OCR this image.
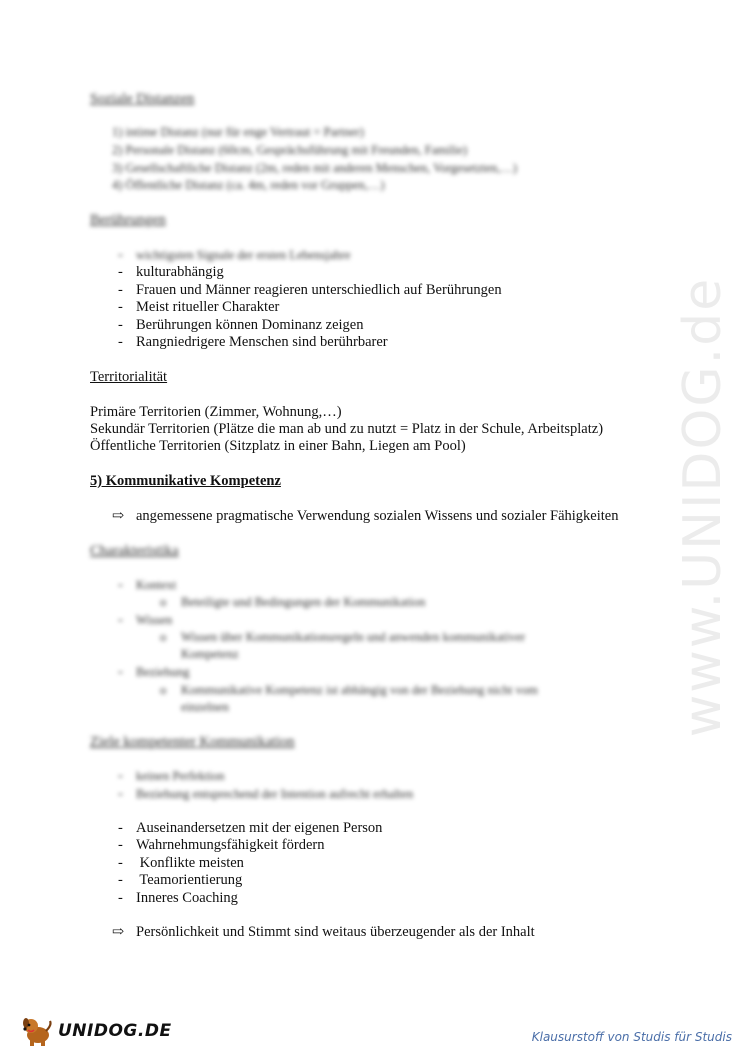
Soziale Distanzen
1) intime Distanz (nur für enge Vertraut = Partner)
2) Personale Distanz (60cm, Gesprächsführung mit Freunden, Familie)
3) Gesellschaftliche Distanz (2m, reden mit anderen Menschen, Vorgesetzten,…)
4) Öffentliche Distanz (ca. 4m, reden vor Gruppen,…)
Berührungen
- wichtigsten Signale der ersten Lebensjahre
- kulturabhängig
- Frauen und Männer reagieren unterschiedlich auf Berührungen
- Meist ritueller Charakter
- Berührungen können Dominanz zeigen
- Rangniedrigere Menschen sind berührbarer
Territorialität
Primäre Territorien (Zimmer, Wohnung,…)
Sekundär Territorien (Plätze die man ab und zu nutzt = Platz in der Schule, Arbeitsplatz)
Öffentliche Territorien (Sitzplatz in einer Bahn, Liegen am Pool)
5) Kommunikative Kompetenz
⇨ angemessene pragmatische Verwendung sozialen Wissens und sozialer Fähigkeiten
Charakteristika
- Kontext
o Beteiligte und Bedingungen der Kommunikation
- Wissen
o Wissen über Kommunikationsregeln und anwenden kommunikativer
Kompetenz
- Beziehung
o Kommunikative Kompetenz ist abhängig von der Beziehung nicht vom
einzelnen
Ziele kompetenter Kommunikation
- keinen Perfektion
- Beziehung entsprechend der Intention aufrecht erhalten
- Auseinandersetzen mit der eigenen Person
- Wahrnehmungsfähigkeit fördern
- Konflikte meisten
- Teamorientierung
- Inneres Coaching
⇨ Persönlichkeit und Stimmt sind weitaus überzeugender als der Inhalt
www.UNIDOG.de
UNIDOG.DE	Klausurstoff von Studis für Studis
